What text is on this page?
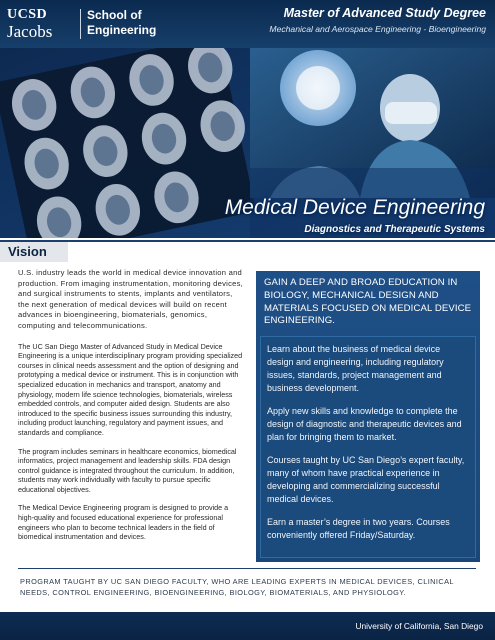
UCSD
Jacobs
School of
Engineering
Master of Advanced Study Degree
Mechanical and Aerospace Engineering - Bioengineering
Medical Device Engineering
Diagnostics and Therapeutic Systems
Vision

U.S. industry leads the world in medical device innovation and production. From imaging instrumentation, monitoring devices, and surgical instruments to stents, implants and ventilators, the next generation of medical devices will build on recent advances in bioengineering, biomaterials, genomics, computing and telecommunications.

The UC San Diego Master of Advanced Study in Medical Device Engineering is a unique interdisciplinary program providing specialized courses in clinical needs assessment and the option of designing and prototyping a medical device or instrument. This is in conjunction with specialized education in mechanics and transport, anatomy and physiology, modern life science technologies, biomaterials, wireless embedded controls, and computer aided design. Students are also introduced to the specific business issues surrounding this industry, including product launching, regulatory and payment issues, and standards and compliance.

The program includes seminars in healthcare economics, biomedical informatics, project management and leadership skills. FDA design control guidance is integrated throughout the curriculum. In addition, students may work individually with faculty to pursue specific educational objectives.

The Medical Device Engineering program is designed to provide a high-quality and focused educational experience for professional engineers who plan to become technical leaders in the field of biomedical instrumentation and devices.

GAIN A DEEP AND BROAD EDUCATION IN BIOLOGY, MECHANICAL DESIGN AND MATERIALS FOCUSED ON MEDICAL DEVICE ENGINEERING.

Learn about the business of medical device design and engineering, including regulatory issues, standards, project management and business development.

Apply new skills and knowledge to complete the design of diagnostic and therapeutic devices and plan for bringing them to market.

Courses taught by UC San Diego’s expert faculty, many of whom have practical experience in developing and commercializing successful medical devices.

Earn a master’s degree in two years. Courses conveniently offered Friday/Saturday.

PROGRAM TAUGHT BY UC SAN DIEGO FACULTY, WHO ARE LEADING EXPERTS IN MEDICAL DEVICES, CLINICAL NEEDS, CONTROL ENGINEERING, BIOENGINEERING, BIOLOGY, BIOMATERIALS, AND PHYSIOLOGY.
University of California, San Diego
